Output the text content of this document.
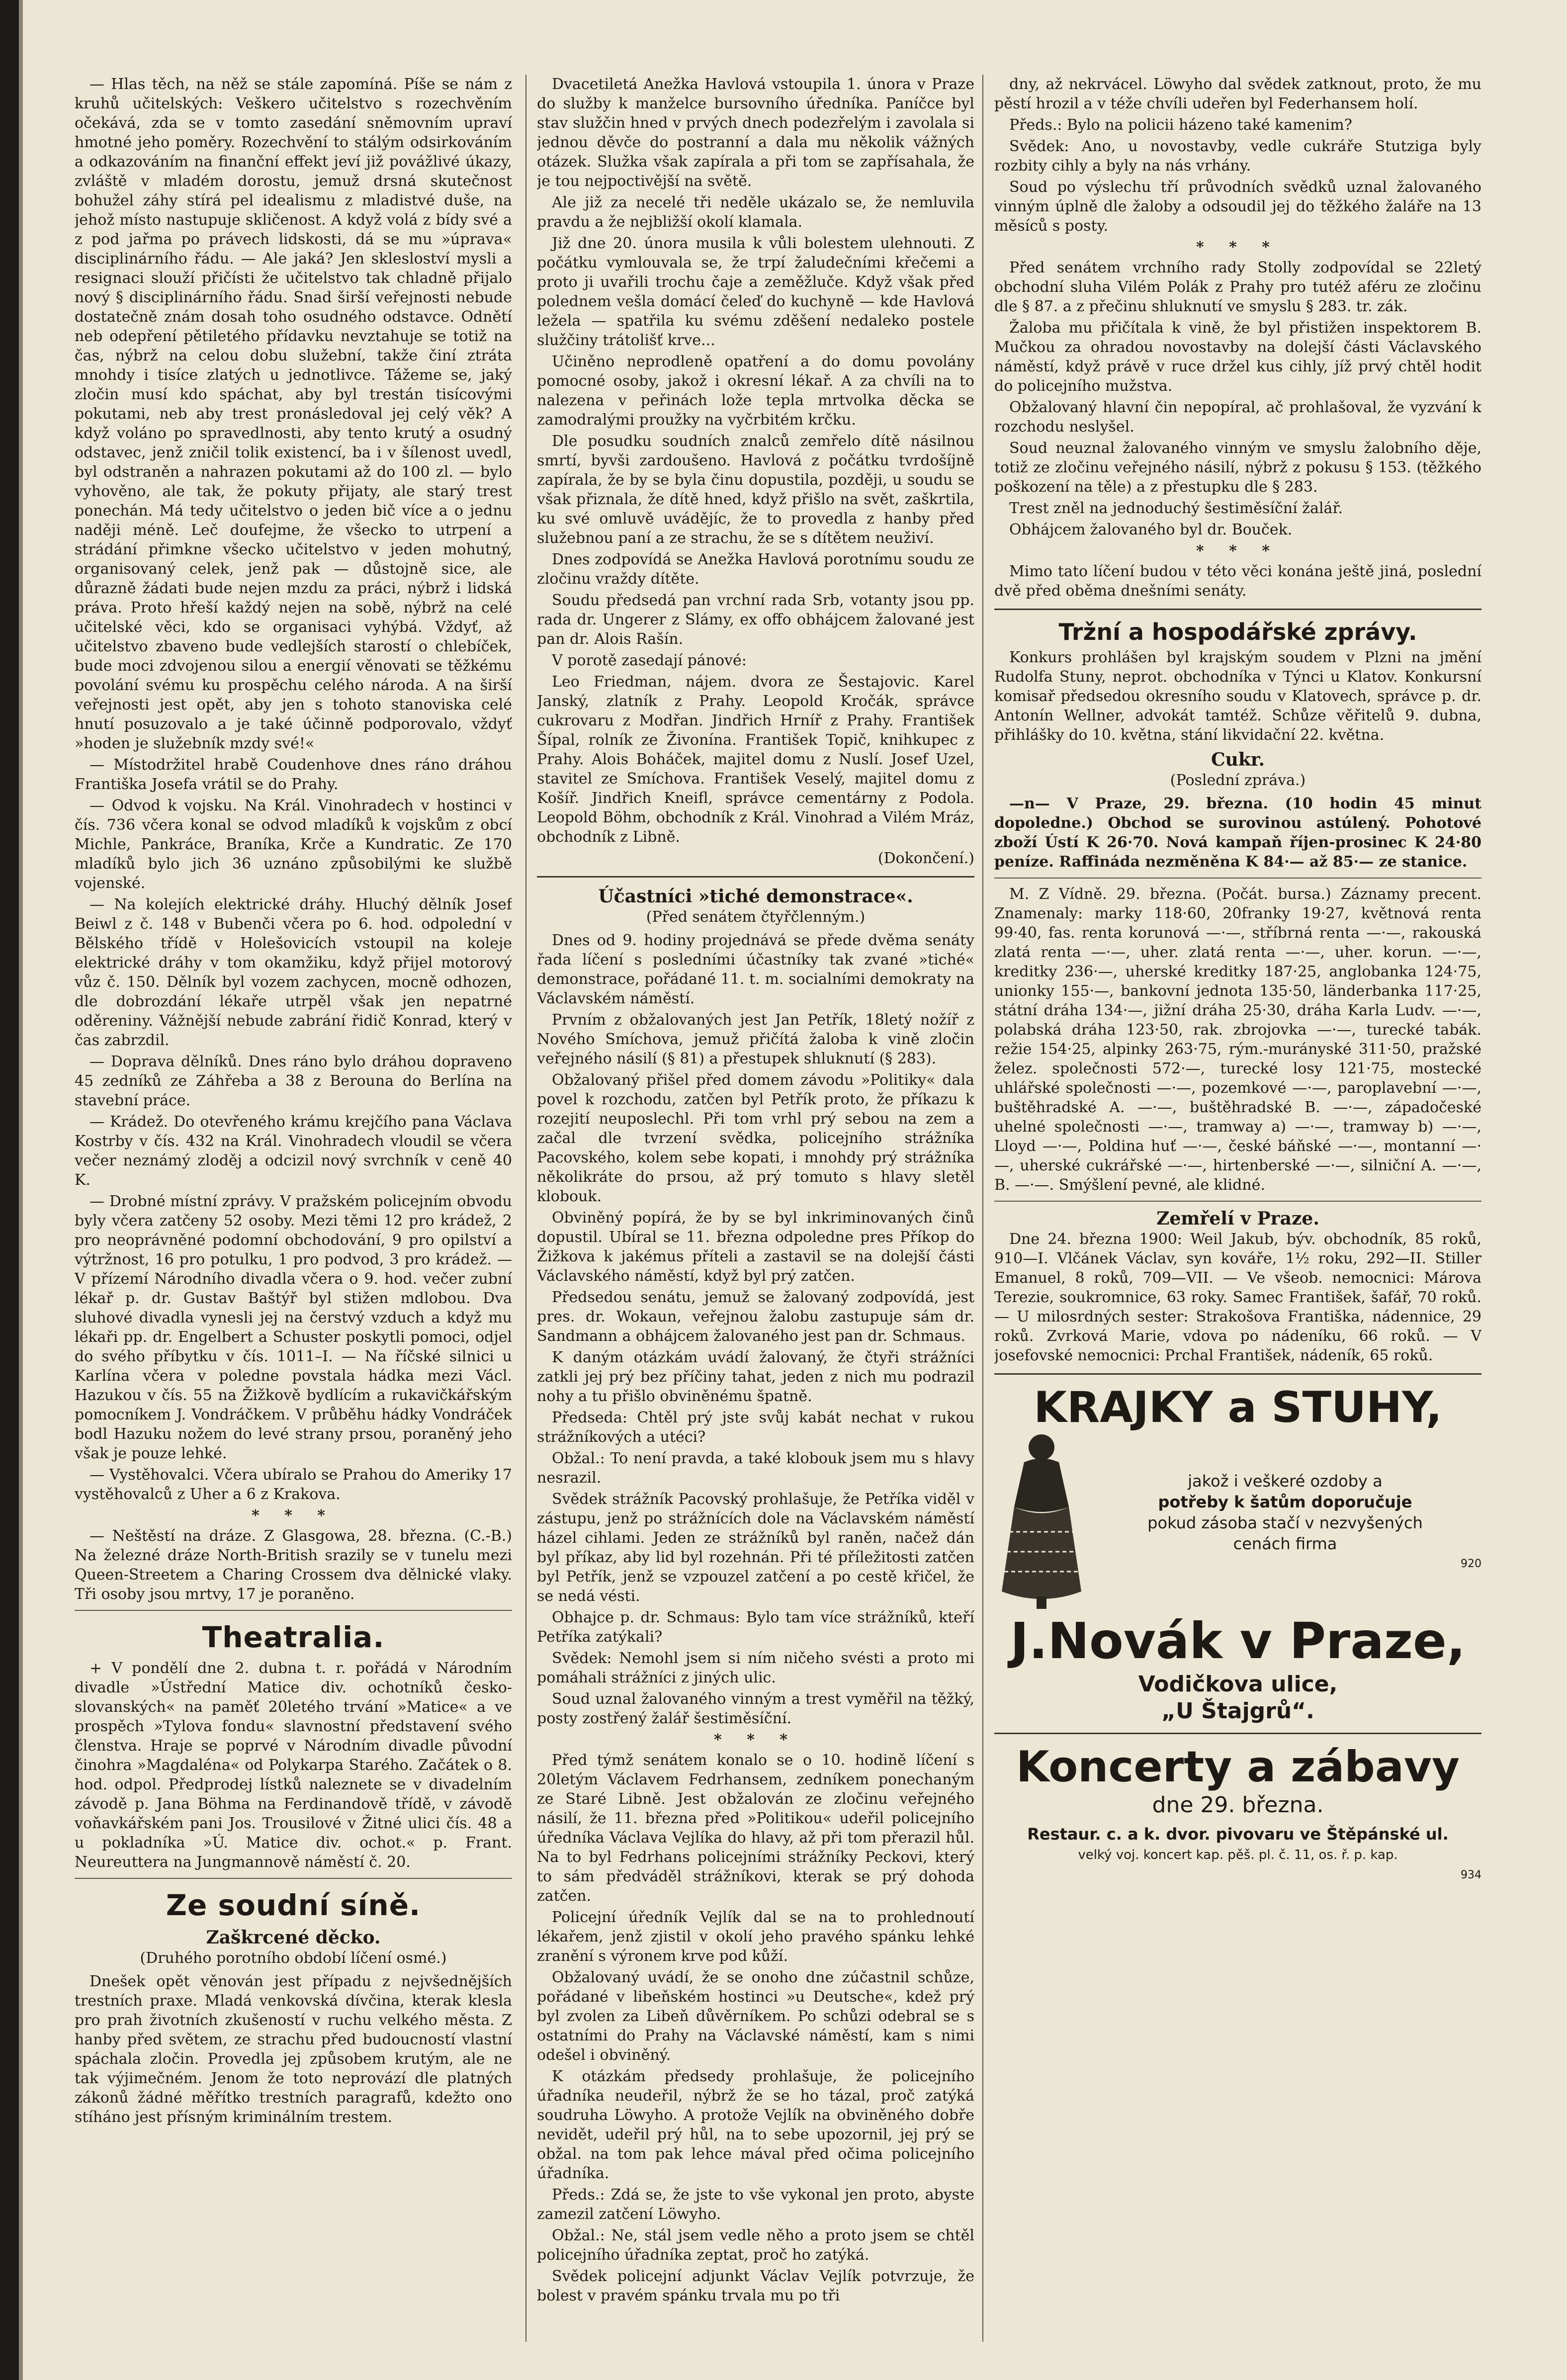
— Hlas těch, na něž se stále zapomíná. Píše se nám z kruhů učitelských: Veškero učitelstvo s rozechvěním očekává, zda se v tomto zasedání sněmovním upraví hmotné jeho poměry. Rozechvění to stálým odsirkováním a odkazováním na finanční effekt jeví již povážlivé úkazy, zvláště v mladém dorostu, jemuž drsná skutečnost bohužel záhy stírá pel idealismu z mladistvé duše, na jehož místo nastupuje skličenost. A když volá z bídy své a z pod jařma po právech lidskosti, dá se mu »úprava« disciplinárního řádu. — Ale jaká? Jen sklesloství mysli a resignaci slouží přičísti že učitelstvo tak chladně přijalo nový § disciplinárního řádu. Snad širší veřejnosti nebude dostatečně znám dosah toho osudného odstavce. Odnětí neb odepření pětiletého přídavku nevztahuje se totiž na čas, nýbrž na celou dobu služební, takže činí ztráta mnohdy i tisíce zlatých u jednotlivce. Tážeme se, jaký zločin musí kdo spáchat, aby byl trestán tisícovými pokutami, neb aby trest pronásledoval jej celý věk? A když voláno po spravedlnosti, aby tento krutý a osudný odstavec, jenž zničil tolik existencí, ba i v šílenost uvedl, byl odstraněn a nahrazen pokutami až do 100 zl. — bylo vyhověno, ale tak, že pokuty přijaty, ale starý trest ponechán. Má tedy učitelstvo o jeden bič více a o jednu naději méně. Leč doufejme, že všecko to utrpení a strádání přimkne všecko učitelstvo v jeden mohutný, organisovaný celek, jenž pak — důstojně sice, ale důrazně žádati bude nejen mzdu za práci, nýbrž i lidská práva. Proto hřeší každý nejen na sobě, nýbrž na celé učitelské věci, kdo se organisaci vyhýbá. Vždyť, až učitelstvo zbaveno bude vedlejších starostí o chlebíček, bude moci zdvojenou silou a energií věnovati se těžkému povolání svému ku prospěchu celého národa. A na širší veřejnosti jest opět, aby jen s tohoto stanoviska celé hnutí posuzovalo a je také účinně podporovalo, vždyť »hoden je služebník mzdy své!«

— Místodržitel hrabě Coudenhove dnes ráno dráhou Františka Josefa vrátil se do Prahy.

— Odvod k vojsku. Na Král. Vinohradech v hostinci v čís. 736 včera konal se odvod mladíků k vojskům z obcí Michle, Pankráce, Braníka, Krče a Kundratic. Ze 170 mladíků bylo jich 36 uznáno způsobilými ke službě vojenské.

— Na kolejích elektrické dráhy. Hluchý dělník Josef Beiwl z č. 148 v Bubenči včera po 6. hod. odpolední v Bělského třídě v Holešovicích vstoupil na koleje elektrické dráhy v tom okamžiku, když přijel motorový vůz č. 150. Dělník byl vozem zachycen, mocně odhozen, dle dobrozdání lékaře utrpěl však jen nepatrné oděreniny. Vážnější nebude zabrání řidič Konrad, který v čas zabrzdil.

— Doprava dělníků. Dnes ráno bylo dráhou dopraveno 45 zedníků ze Záhřeba a 38 z Berouna do Berlína na stavební práce.

— Krádež. Do otevřeného krámu krejčího pana Václava Kostrby v čís. 432 na Král. Vinohradech vloudil se včera večer neznámý zloděj a odcizil nový svrchník v ceně 40 K.

— Drobné místní zprávy. V pražském policejním obvodu byly včera zatčeny 52 osoby. Mezi těmi 12 pro krádež, 2 pro neoprávněné podomní obchodování, 9 pro opilství a výtržnost, 16 pro potulku, 1 pro podvod, 3 pro krádež. — V přízemí Národního divadla včera o 9. hod. večer zubní lékař p. dr. Gustav Baštýř byl stižen mdlobou. Dva sluhové divadla vynesli jej na čerstvý vzduch a když mu lékaři pp. dr. Engelbert a Schuster poskytli pomoci, odjel do svého příbytku v čís. 1011–I. — Na říčské silnici u Karlína včera v poledne povstala hádka mezi Václ. Hazukou v čís. 55 na Žižkově bydlícím a rukavičkářským pomocníkem J. Vondráčkem. V průběhu hádky Vondráček bodl Hazuku nožem do levé strany prsou, poraněný jeho však je pouze lehké.

— Vystěhovalci. Včera ubíralo se Prahou do Ameriky 17 vystěhovalců z Uher a 6 z Krakova.

* * *

— Neštěstí na dráze. Z Glasgowa, 28. března. (C.-B.) Na železné dráze North-British srazily se v tunelu mezi Queen-Streetem a Charing Crossem dva dělnické vlaky. Tři osoby jsou mrtvy, 17 je poraněno.

Theatralia.

+ V pondělí dne 2. dubna t. r. pořádá v Národním divadle »Ústřední Matice div. ochotníků česko-slovanských« na paměť 20letého trvání »Matice« a ve prospěch »Tylova fondu« slavnostní představení svého členstva. Hraje se poprvé v Národním divadle původní činohra »Magdaléna« od Polykarpa Starého. Začátek o 8. hod. odpol. Předprodej lístků naleznete se v divadelním závodě p. Jana Böhma na Ferdinandově třídě, v závodě voňavkářském pani Jos. Trousilové v Žitné ulici čís. 48 a u pokladníka »Ú. Matice div. ochot.« p. Frant. Neureuttera na Jungmannově náměstí č. 20.

Ze soudní síně.
Zaškrcené děcko.
(Druhého porotního období líčení osmé.)

Dnešek opět věnován jest případu z nejvšednějších trestních praxe. Mladá venkovská dívčina, kterak klesla pro prah životních zkušeností v ruchu velkého města. Z hanby před světem, ze strachu před budoucností vlastní spáchala zločin. Provedla jej způsobem krutým, ale ne tak výjimečném. Jenom že toto neprovází dle platných zákonů žádné měřítko trestních paragrafů, kdežto ono stíháno jest přísným kriminálním trestem.

Dvacetiletá Anežka Havlová vstoupila 1. února v Praze do služby k manželce bursovního úředníka. Paníčce byl stav služčin hned v prvých dnech podezřelým i zavolala si jednou děvče do postranní a dala mu několik vážných otázek. Služka však zapírala a při tom se zapřísahala, že je tou nejpoctivější na světě.

Ale již za necelé tři neděle ukázalo se, že nemluvila pravdu a že nejbližší okolí klamala.

Již dne 20. února musila k vůli bolestem ulehnouti. Z počátku vymlouvala se, že trpí žaludečními křečemi a proto ji uvařili trochu čaje a zeměžluče. Když však před polednem vešla domácí čeleď do kuchyně — kde Havlová ležela — spatřila ku svému zděšení nedaleko postele služčiny trátolišť krve...

Učiněno neprodleně opatření a do domu povolány pomocné osoby, jakož i okresní lékař. A za chvíli na to nalezena v peřinách lože tepla mrtvolka děcka se zamodralými proužky na vyčrbitém krčku.

Dle posudku soudních znalců zemřelo dítě násilnou smrtí, byvši zardoušeno. Havlová z počátku tvrdošíjně zapírala, že by se byla činu dopustila, později, u soudu se však přiznala, že dítě hned, když přišlo na svět, zaškrtila, ku své omluvě uvádějíc, že to provedla z hanby před služebnou paní a ze strachu, že se s dítětem neuživí.

Dnes zodpovídá se Anežka Havlová porotnímu soudu ze zločinu vraždy dítěte.

Soudu předsedá pan vrchní rada Srb, votanty jsou pp. rada dr. Ungerer z Slámy, ex offo obhájcem žalované jest pan dr. Alois Rašín.

V porotě zasedají pánové:

Leo Friedman, nájem. dvora ze Šestajovic. Karel Janský, zlatník z Prahy. Leopold Kročák, správce cukrovaru z Modřan. Jindřich Hrníř z Prahy. František Šípal, rolník ze Živonína. František Topič, knihkupec z Prahy. Alois Boháček, majitel domu z Nuslí. Josef Uzel, stavitel ze Smíchova. František Veselý, majitel domu z Košíř. Jindřich Kneifl, správce cementárny z Podola. Leopold Böhm, obchodník z Král. Vinohrad a Vilém Mráz, obchodník z Libně.

(Dokončení.)
Účastníci »tiché demonstrace«.
(Před senátem čtyřčlenným.)

Dnes od 9. hodiny projednává se přede dvěma senáty řada líčení s posledními účastníky tak zvané »tiché« demonstrace, pořádané 11. t. m. socialními demokraty na Václavském náměstí.

Prvním z obžalovaných jest Jan Petřík, 18letý nožíř z Nového Smíchova, jemuž přičítá žaloba k vině zločin veřejného násilí (§ 81) a přestupek shluknutí (§ 283).

Obžalovaný přišel před domem závodu »Politiky« dala povel k rozchodu, zatčen byl Petřík proto, že příkazu k rozejití neuposlechl. Při tom vrhl prý sebou na zem a začal dle tvrzení svědka, policejního strážníka Pacovského, kolem sebe kopati, i mnohdy prý strážníka několikráte do prsou, až prý tomuto s hlavy sletěl klobouk.

Obviněný popírá, že by se byl inkriminovaných činů dopustil. Ubíral se 11. března odpoledne pres Příkop do Žižkova k jakémus příteli a zastavil se na dolejší části Václavského náměstí, když byl prý zatčen.

Předsedou senátu, jemuž se žalovaný zodpovídá, jest pres. dr. Wokaun, veřejnou žalobu zastupuje sám dr. Sandmann a obhájcem žalovaného jest pan dr. Schmaus.

K daným otázkám uvádí žalovaný, že čtyři strážníci zatkli jej prý bez příčiny tahat, jeden z nich mu podrazil nohy a tu přišlo obviněnému špatně.

Předseda: Chtěl prý jste svůj kabát nechat v rukou strážníkových a utéci?

Obžal.: To není pravda, a také klobouk jsem mu s hlavy nesrazil.

Svědek strážník Pacovský prohlašuje, že Petříka viděl v zástupu, jenž po strážnících dole na Václavském náměstí házel cihlami. Jeden ze strážníků byl raněn, načež dán byl příkaz, aby lid byl rozehnán. Při té příležitosti zatčen byl Petřík, jenž se vzpouzel zatčení a po cestě křičel, že se nedá vésti.

Obhajce p. dr. Schmaus: Bylo tam více strážníků, kteří Petříka zatýkali?

Svědek: Nemohl jsem si ním ničeho svésti a proto mi pomáhali strážníci z jiných ulic.

Soud uznal žalovaného vinným a trest vyměřil na těžký, posty zostřený žalář šestiměsíční.

* * *

Před týmž senátem konalo se o 10. hodině líčení s 20letým Václavem Fedrhansem, zedníkem ponechaným ze Staré Libně. Jest obžalován ze zločinu veřejného násilí, že 11. března před »Politikou« udeřil policejního úředníka Václava Vejlíka do hlavy, až při tom přerazil hůl. Na to byl Fedrhans policejními strážníky Peckovi, který to sám předváděl strážníkovi, kterak se prý dohoda zatčen.

Policejní úředník Vejlík dal se na to prohlednoutí lékařem, jenž zjistil v okolí jeho pravého spánku lehké zranění s výronem krve pod kůží.

Obžalovaný uvádí, že se onoho dne zúčastnil schůze, pořádané v libeňském hostinci »u Deutsche«, kdež prý byl zvolen za Libeň důvěrníkem. Po schůzi odebral se s ostatními do Prahy na Václavské náměstí, kam s nimi odešel i obviněný.

K otázkám předsedy prohlašuje, že policejního úřadníka neudeřil, nýbrž že se ho tázal, proč zatýká soudruha Löwyho. A protože Vejlík na obviněného dobře nevidět, udeřil prý hůl, na to sebe upozornil, jej prý se obžal. na tom pak lehce mával před očima policejního úřadníka.

Předs.: Zdá se, že jste to vše vykonal jen proto, abyste zamezil zatčení Löwyho.

Obžal.: Ne, stál jsem vedle něho a proto jsem se chtěl policejního úřadníka zeptat, proč ho zatýká.

Svědek policejní adjunkt Václav Vejlík potvrzuje, že bolest v pravém spánku trvala mu po tři

dny, až nekrvácel. Löwyho dal svědek zatknout, proto, že mu pěstí hrozil a v téže chvíli udeřen byl Federhansem holí.

Předs.: Bylo na policii házeno také kamenim?

Svědek: Ano, u novostavby, vedle cukráře Stutziga byly rozbity cihly a byly na nás vrhány.

Soud po výslechu tří průvodních svědků uznal žalovaného vinným úplně dle žaloby a odsoudil jej do těžkého žaláře na 13 měsíců s posty.

* * *

Před senátem vrchního rady Stolly zodpovídal se 22letý obchodní sluha Vilém Polák z Prahy pro tutéž aféru ze zločinu dle § 87. a z přečinu shluknutí ve smyslu § 283. tr. zák.

Žaloba mu přičítala k vině, že byl přistižen inspektorem B. Mučkou za ohradou novostavby na dolejší části Václavského náměstí, když právě v ruce držel kus cihly, jíž prvý chtěl hodit do policejního mužstva.

Obžalovaný hlavní čin nepopíral, ač prohlašoval, že vyzvání k rozchodu neslyšel.

Soud neuznal žalovaného vinným ve smyslu žalobního děje, totiž ze zločinu veřejného násilí, nýbrž z pokusu § 153. (těžkého poškození na těle) a z přestupku dle § 283.

Trest zněl na jednoduchý šestiměsíční žalář.

Obhájcem žalovaného byl dr. Bouček.

* * *

Mimo tato líčení budou v této věci konána ještě jiná, poslední dvě před oběma dnešními senáty.

Tržní a hospodářské zprávy.

Konkurs prohlášen byl krajským soudem v Plzni na jmění Rudolfa Stuny, neprot. obchodníka v Týnci u Klatov. Konkursní komisař předsedou okresního soudu v Klatovech, správce p. dr. Antonín Wellner, advokát tamtéž. Schůze věřitelů 9. dubna, přihlášky do 10. května, stání likvidační 22. května.

Cukr.
(Poslední zpráva.)

—n— V Praze, 29. března. (10 hodin 45 minut dopoledne.) Obchod se surovinou astúlený. Pohotové zboží Ústí K 26·70. Nová kampaň říjen-prosinec K 24·80 peníze. Raffináda nezměněna K 84·— až 85·— ze stanice.

M. Z Vídně. 29. března. (Počát. bursa.) Záznamy precent. Znamenaly: marky 118·60, 20franky 19·27, květnová renta 99·40, fas. renta korunová —·—, stříbrná renta —·—, rakouská zlatá renta —·—, uher. zlatá renta —·—, uher. korun. —·—, kreditky 236·—, uherské kreditky 187·25, anglobanka 124·75, unionky 155·—, bankovní jednota 135·50, länderbanka 117·25, státní dráha 134·—, jižní dráha 25·30, dráha Karla Ludv. —·—, polabská dráha 123·50, rak. zbrojovka —·—, turecké tabák. režie 154·25, alpinky 263·75, rým.-murányské 311·50, pražské želez. společnosti 572·—, turecké losy 121·75, mostecké uhlářské společnosti —·—, pozemkové —·—, paroplavební —·—, buštěhradské A. —·—, buštěhradské B. —·—, západočeské uhelné společnosti —·—, tramway a) —·—, tramway b) —·—, Lloyd —·—, Poldina huť —·—, české báňské —·—, montanní —·—, uherské cukrářské —·—, hirtenberské —·—, silniční A. —·—, B. —·—. Smýšlení pevné, ale klidné.

Zemřelí v Praze.

Dne 24. března 1900: Weil Jakub, býv. obchodník, 85 roků, 910—I. Vlčánek Václav, syn kováře, 1½ roku, 292—II. Stiller Emanuel, 8 roků, 709—VII. — Ve všeob. nemocnici: Márova Terezie, soukromnice, 63 roky. Samec František, šafář, 70 roků. — U milosrdných sester: Strakošova Františka, nádennice, 29 roků. Zvrková Marie, vdova po nádeníku, 66 roků. — V josefovské nemocnici: Prchal František, nádeník, 65 roků.

KRAJKY a STUHY,
jakož i veškeré ozdoby a
potřeby k šatům doporučuje
pokud zásoba stačí v nezvyšených
cenách firma
920
J.Novák v Praze,
Vodičkova ulice,
„U Štajgrů“.
Koncerty a zábavy
dne 29. března.
Restaur. c. a k. dvor. pivovaru ve Štěpánské ul.
velký voj. koncert kap. pěš. pl. č. 11, os. ř. p. kap.
934
